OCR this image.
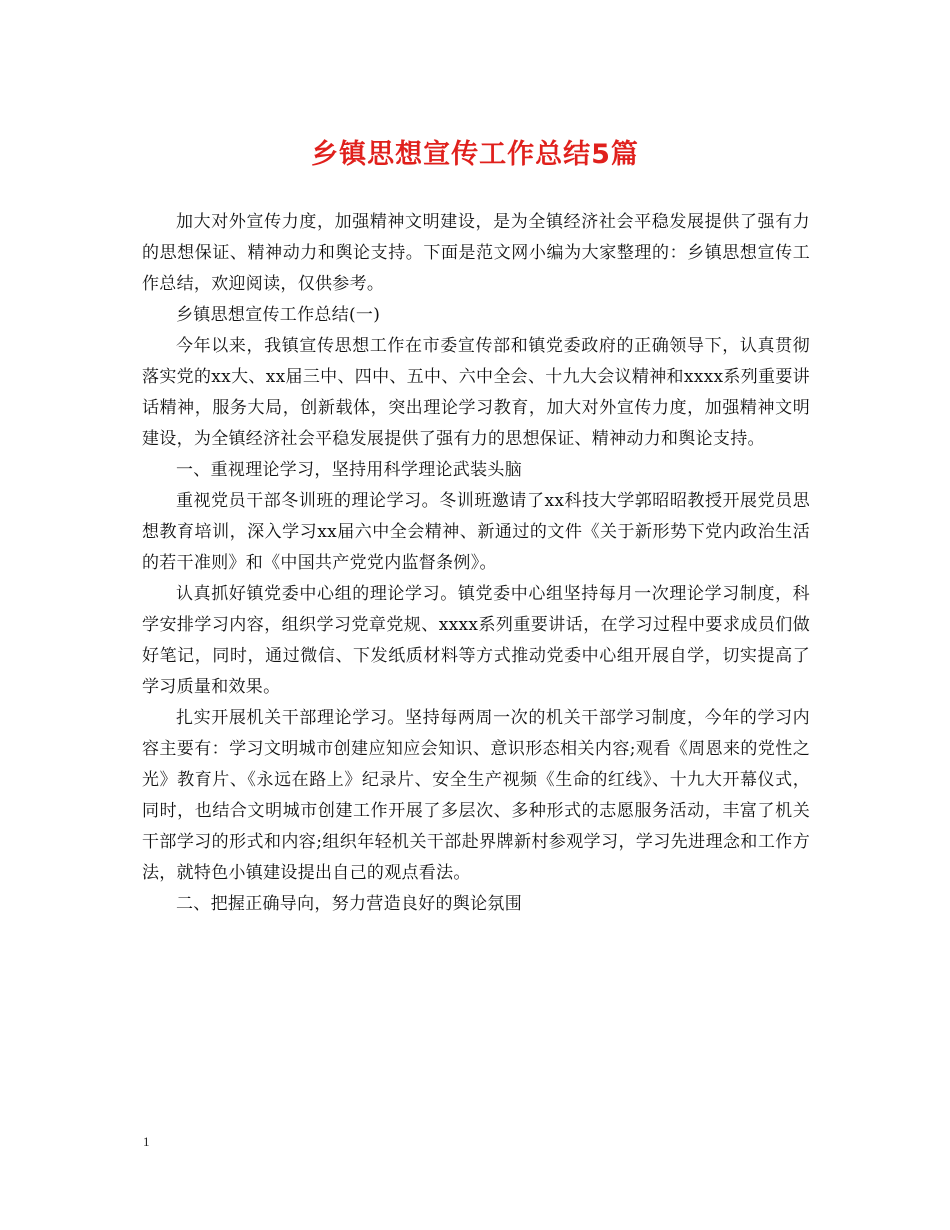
乡镇思想宣传工作总结5篇

加大对外宣传力度，加强精神文明建设，是为全镇经济社会平稳发展提供了强有力的思想保证、精神动力和舆论支持。下面是范文网小编为大家整理的：乡镇思想宣传工作总结，欢迎阅读，仅供参考。

乡镇思想宣传工作总结(一)

今年以来，我镇宣传思想工作在市委宣传部和镇党委政府的正确领导下，认真贯彻落实党的xx大、xx届三中、四中、五中、六中全会、十九大会议精神和xxxx系列重要讲话精神，服务大局，创新载体，突出理论学习教育，加大对外宣传力度，加强精神文明建设，为全镇经济社会平稳发展提供了强有力的思想保证、精神动力和舆论支持。

一、重视理论学习，坚持用科学理论武装头脑

重视党员干部冬训班的理论学习。冬训班邀请了xx科技大学郭昭昭教授开展党员思想教育培训，深入学习xx届六中全会精神、新通过的文件《关于新形势下党内政治生活的若干准则》和《中国共产党党内监督条例》。

认真抓好镇党委中心组的理论学习。镇党委中心组坚持每月一次理论学习制度，科学安排学习内容，组织学习党章党规、xxxx系列重要讲话，在学习过程中要求成员们做好笔记，同时，通过微信、下发纸质材料等方式推动党委中心组开展自学，切实提高了学习质量和效果。

扎实开展机关干部理论学习。坚持每两周一次的机关干部学习制度，今年的学习内容主要有：学习文明城市创建应知应会知识、意识形态相关内容;观看《周恩来的党性之光》教育片、《永远在路上》纪录片、安全生产视频《生命的红线》、十九大开幕仪式，同时，也结合文明城市创建工作开展了多层次、多种形式的志愿服务活动，丰富了机关干部学习的形式和内容;组织年轻机关干部赴界牌新村参观学习，学习先进理念和工作方法，就特色小镇建设提出自己的观点看法。

二、把握正确导向，努力营造良好的舆论氛围

1
